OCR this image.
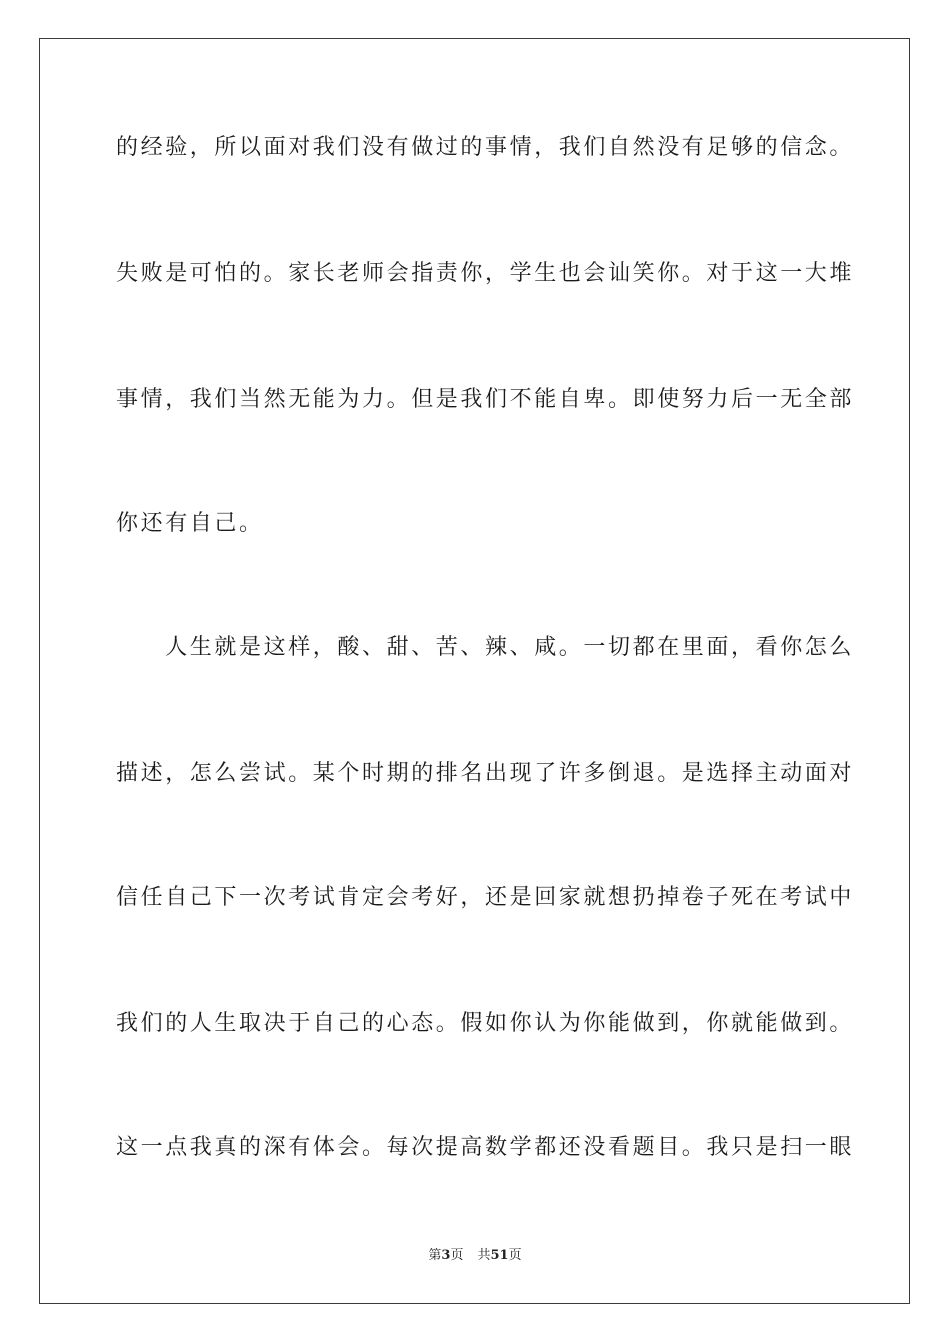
的经验，所以面对我们没有做过的事情，我们自然没有足够的信念。
失败是可怕的。家长老师会指责你，学生也会讪笑你。对于这一大堆
事情，我们当然无能为力。但是我们不能自卑。即使努力后一无全部
你还有自己。
　　人生就是这样，酸、甜、苦、辣、咸。一切都在里面，看你怎么
描述，怎么尝试。某个时期的排名出现了许多倒退。是选择主动面对
信任自己下一次考试肯定会考好，还是回家就想扔掉卷子死在考试中
我们的人生取决于自己的心态。假如你认为你能做到，你就能做到。
这一点我真的深有体会。每次提高数学都还没看题目。我只是扫一眼
第3页 共51页
